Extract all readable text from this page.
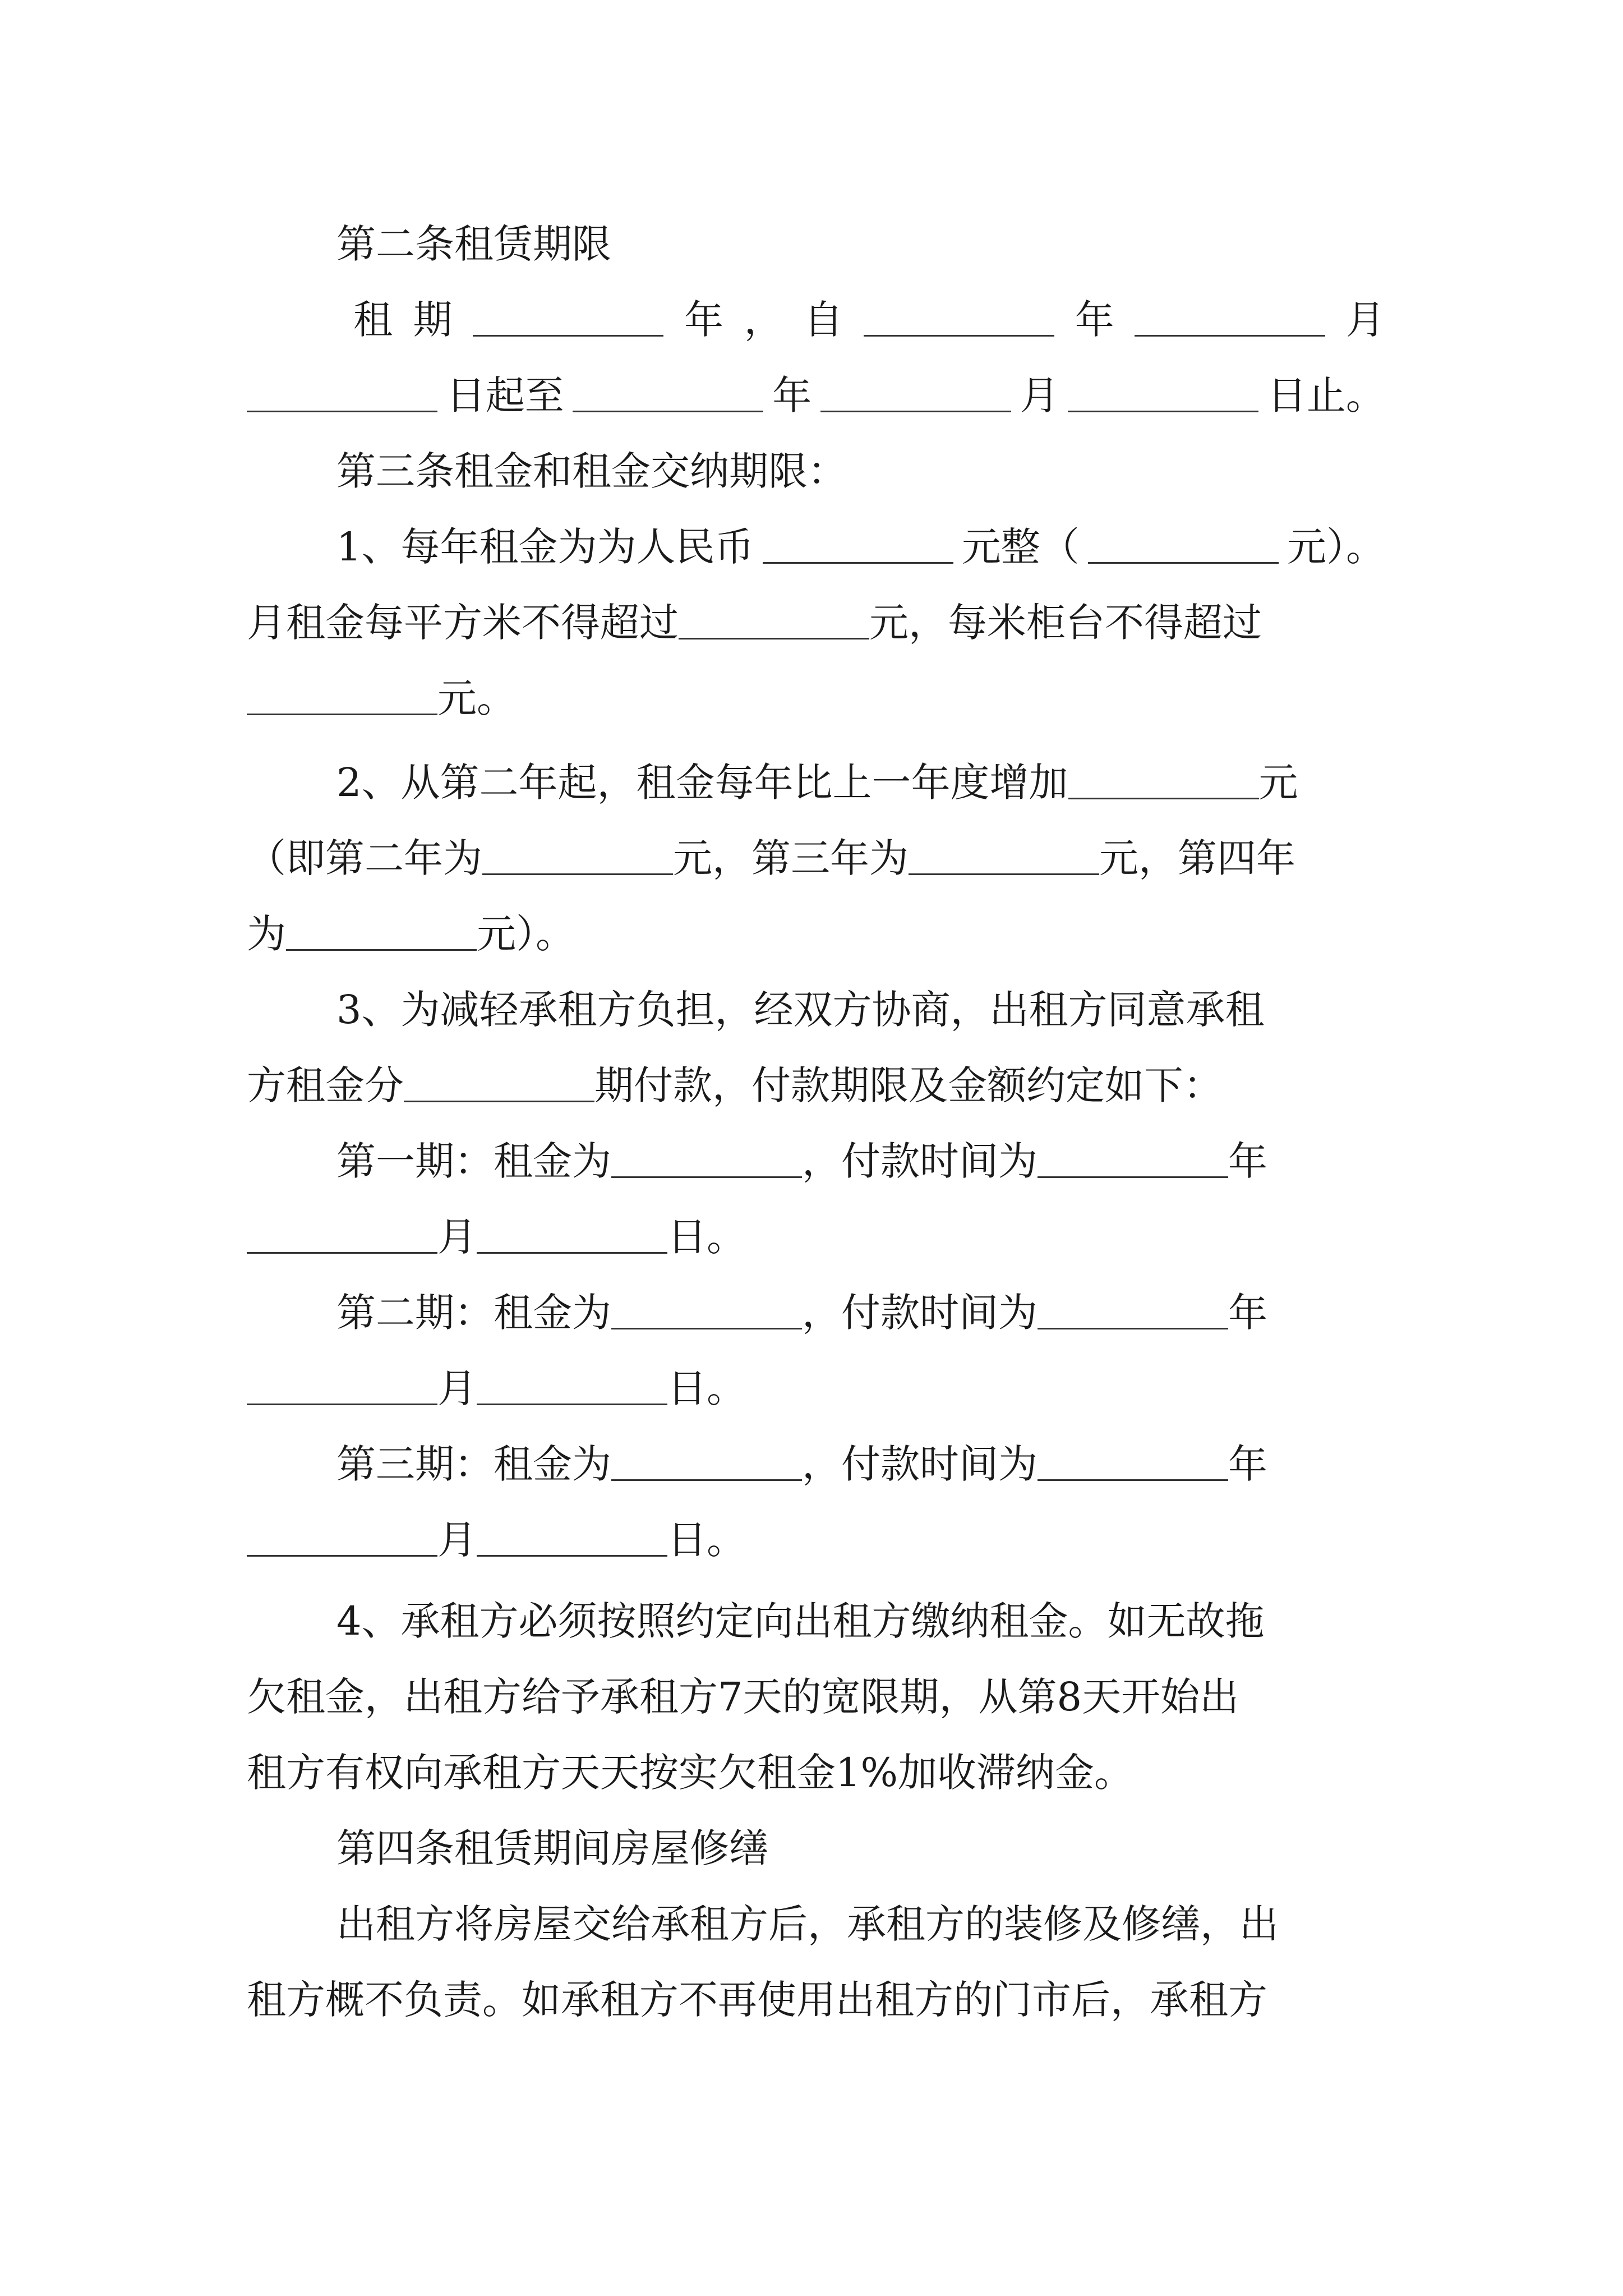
第二条租赁期限
租 期	年 ， 自	年	月
日起至	年	月	日止。
第三条租金和租金交纳期限：
1、每年租金为为人民币	元整（	元）。
月租金每平方米不得超过	元，每米柜台不得超过
元。
2、从第二年起，租金每年比上一年度增加	元
（即第二年为	元，第三年为	元，第四年
为	元）。
3、为减轻承租方负担，经双方协商，出租方同意承租
方租金分	期付款，付款期限及金额约定如下：
第一期：租金为	，付款时间为	年
月	日。
第二期：租金为	，付款时间为	年
月	日。
第三期：租金为	，付款时间为	年
月	日。
4、承租方必须按照约定向出租方缴纳租金。如无故拖
欠租金，出租方给予承租方7天的宽限期，从第8天开始出
租方有权向承租方天天按实欠租金1%加收滞纳金。
第四条租赁期间房屋修缮
出租方将房屋交给承租方后，承租方的装修及修缮，出
租方概不负责。如承租方不再使用出租方的门市后，承租方
